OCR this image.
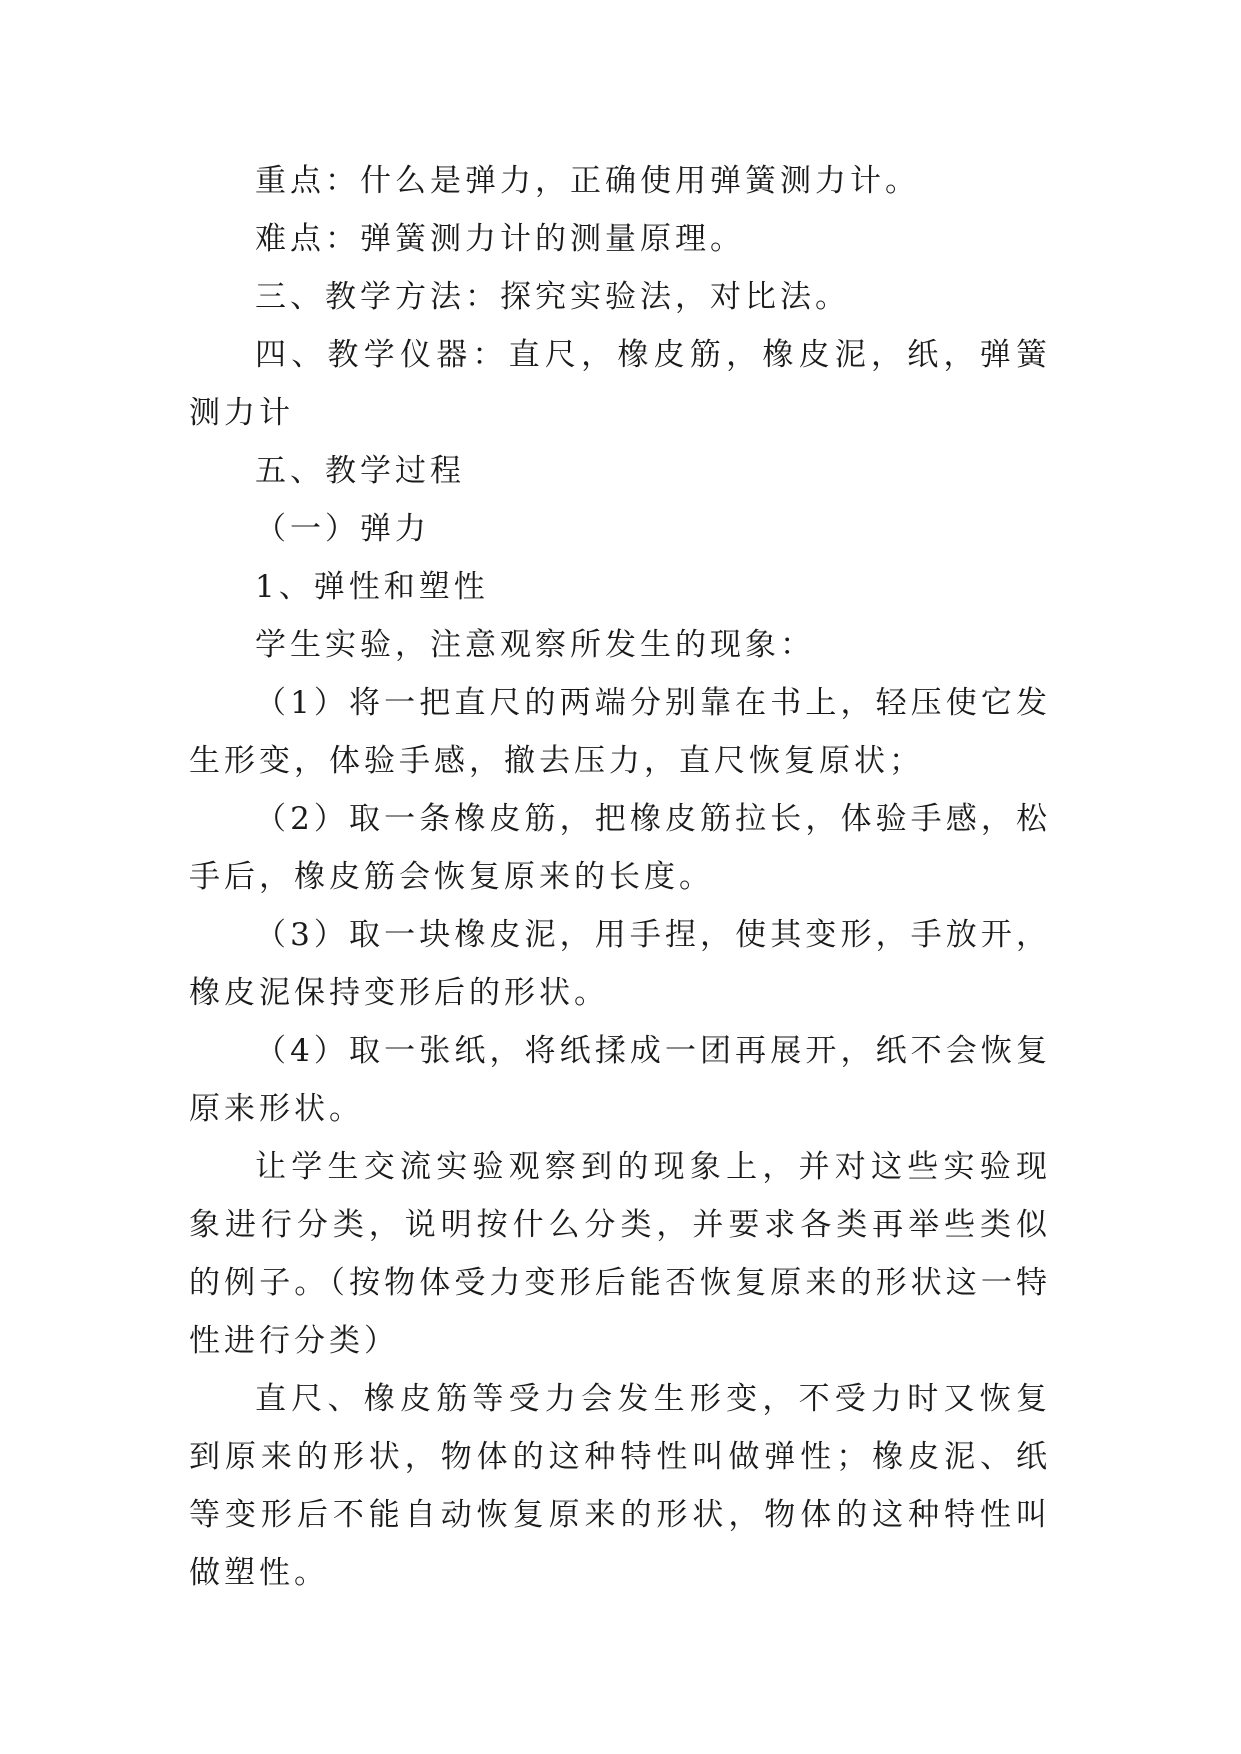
重点：什么是弹力，正确使用弹簧测力计。

难点：弹簧测力计的测量原理。

三、教学方法：探究实验法，对比法。

四、教学仪器：直尺，橡皮筋，橡皮泥，纸，弹簧测力计

五、教学过程

（一）弹力

1、弹性和塑性

学生实验，注意观察所发生的现象：

（1）将一把直尺的两端分别靠在书上，轻压使它发生形变，体验手感，撤去压力，直尺恢复原状；

（2）取一条橡皮筋，把橡皮筋拉长，体验手感，松手后，橡皮筋会恢复原来的长度。

（3）取一块橡皮泥，用手捏，使其变形，手放开，橡皮泥保持变形后的形状。

（4）取一张纸，将纸揉成一团再展开，纸不会恢复原来形状。

让学生交流实验观察到的现象上，并对这些实验现象进行分类，说明按什么分类，并要求各类再举些类似的例子。（按物体受力变形后能否恢复原来的形状这一特性进行分类）

直尺、橡皮筋等受力会发生形变，不受力时又恢复到原来的形状，物体的这种特性叫做弹性；橡皮泥、纸等变形后不能自动恢复原来的形状，物体的这种特性叫做塑性。
